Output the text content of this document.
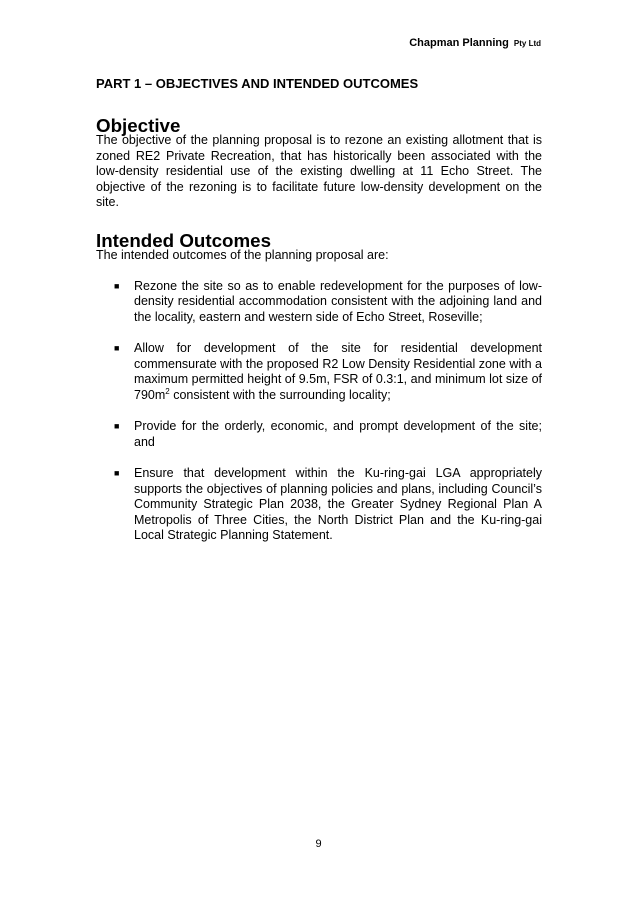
Chapman Planning Pty Ltd
PART 1 – OBJECTIVES AND INTENDED OUTCOMES
Objective

The objective of the planning proposal is to rezone an existing allotment that is zoned RE2 Private Recreation, that has historically been associated with the low-density residential use of the existing dwelling at 11 Echo Street. The objective of the rezoning is to facilitate future low-density development on the site.

Intended Outcomes

The intended outcomes of the planning proposal are:

■ Rezone the site so as to enable redevelopment for the purposes of low-density residential accommodation consistent with the adjoining land and the locality, eastern and western side of Echo Street, Roseville;
■ Allow for development of the site for residential development commensurate with the proposed R2 Low Density Residential zone with a maximum permitted height of 9.5m, FSR of 0.3:1, and minimum lot size of $790m^2$ consistent with the surrounding locality;
■ Provide for the orderly, economic, and prompt development of the site; and
■ Ensure that development within the Ku-ring-gai LGA appropriately supports the objectives of planning policies and plans, including Council’s Community Strategic Plan 2038, the Greater Sydney Regional Plan A Metropolis of Three Cities, the North District Plan and the Ku-ring-gai Local Strategic Planning Statement.
9
